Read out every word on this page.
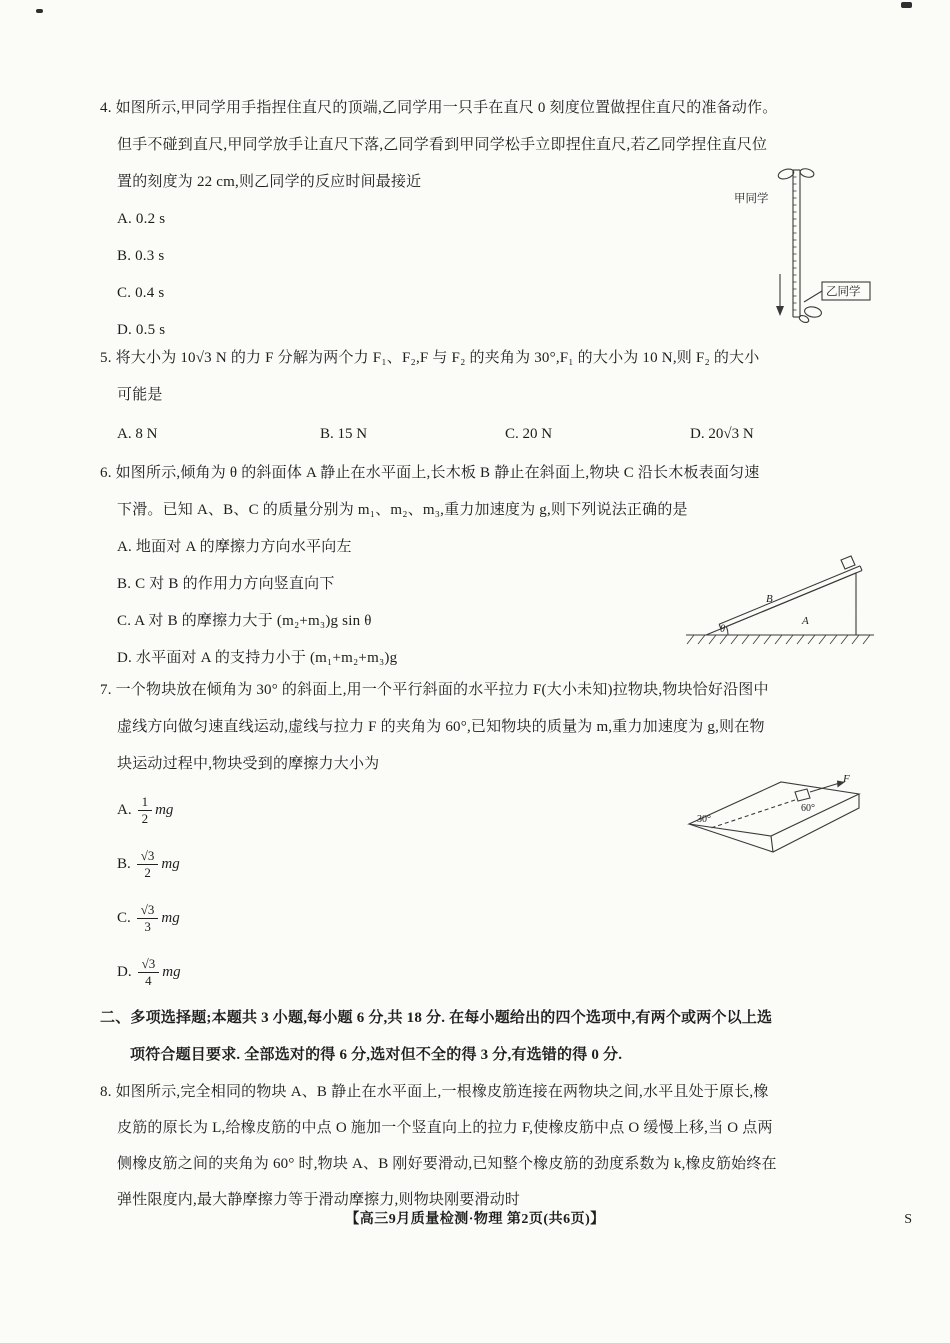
4. 如图所示,甲同学用手指捏住直尺的顶端,乙同学用一只手在直尺 0 刻度位置做捏住直尺的准备动作。
但手不碰到直尺,甲同学放手让直尺下落,乙同学看到甲同学松手立即捏住直尺,若乙同学捏住直尺位
置的刻度为 22 cm,则乙同学的反应时间最接近
A. 0.2 s
B. 0.3 s
C. 0.4 s
D. 0.5 s
甲同学
乙同学
5. 将大小为 10√3 N 的力 F 分解为两个力 F₁、F₂,F 与 F₂ 的夹角为 30°,F₁ 的大小为 10 N,则 F₂ 的大小
可能是
A. 8 N	B. 15 N	C. 20 N	D. 20√3 N
6. 如图所示,倾角为 θ 的斜面体 A 静止在水平面上,长木板 B 静止在斜面上,物块 C 沿长木板表面匀速
下滑。已知 A、B、C 的质量分别为 m₁、m₂、m₃,重力加速度为 g,则下列说法正确的是
A. 地面对 A 的摩擦力方向水平向左
B. C 对 B 的作用力方向竖直向下
C. A 对 B 的摩擦力大于 (m₂+m₃)g sin θ
D. 水平面对 A 的支持力小于 (m₁+m₂+m₃)g
B
A
θ
7. 一个物块放在倾角为 30° 的斜面上,用一个平行斜面的水平拉力 F(大小未知)拉物块,物块恰好沿图中
虚线方向做匀速直线运动,虚线与拉力 F 的夹角为 60°,已知物块的质量为 m,重力加速度为 g,则在物
块运动过程中,物块受到的摩擦力大小为
A. $\frac{1}{2}$ mg
B. $\frac{√3}{2}$ mg
C. $\frac{√3}{3}$ mg
D. $\frac{√3}{4}$ mg
30°
F
60°
二、多项选择题;本题共 3 小题,每小题 6 分,共 18 分. 在每小题给出的四个选项中,有两个或两个以上选
项符合题目要求. 全部选对的得 6 分,选对但不全的得 3 分,有选错的得 0 分.
8. 如图所示,完全相同的物块 A、B 静止在水平面上,一根橡皮筋连接在两物块之间,水平且处于原长,橡
皮筋的原长为 L,给橡皮筋的中点 O 施加一个竖直向上的拉力 F,使橡皮筋中点 O 缓慢上移,当 O 点两
侧橡皮筋之间的夹角为 60° 时,物块 A、B 刚好要滑动,已知整个橡皮筋的劲度系数为 k,橡皮筋始终在
弹性限度内,最大静摩擦力等于滑动摩擦力,则物块刚要滑动时
【高三9月质量检测·物理 第2页(共6页)】	S
